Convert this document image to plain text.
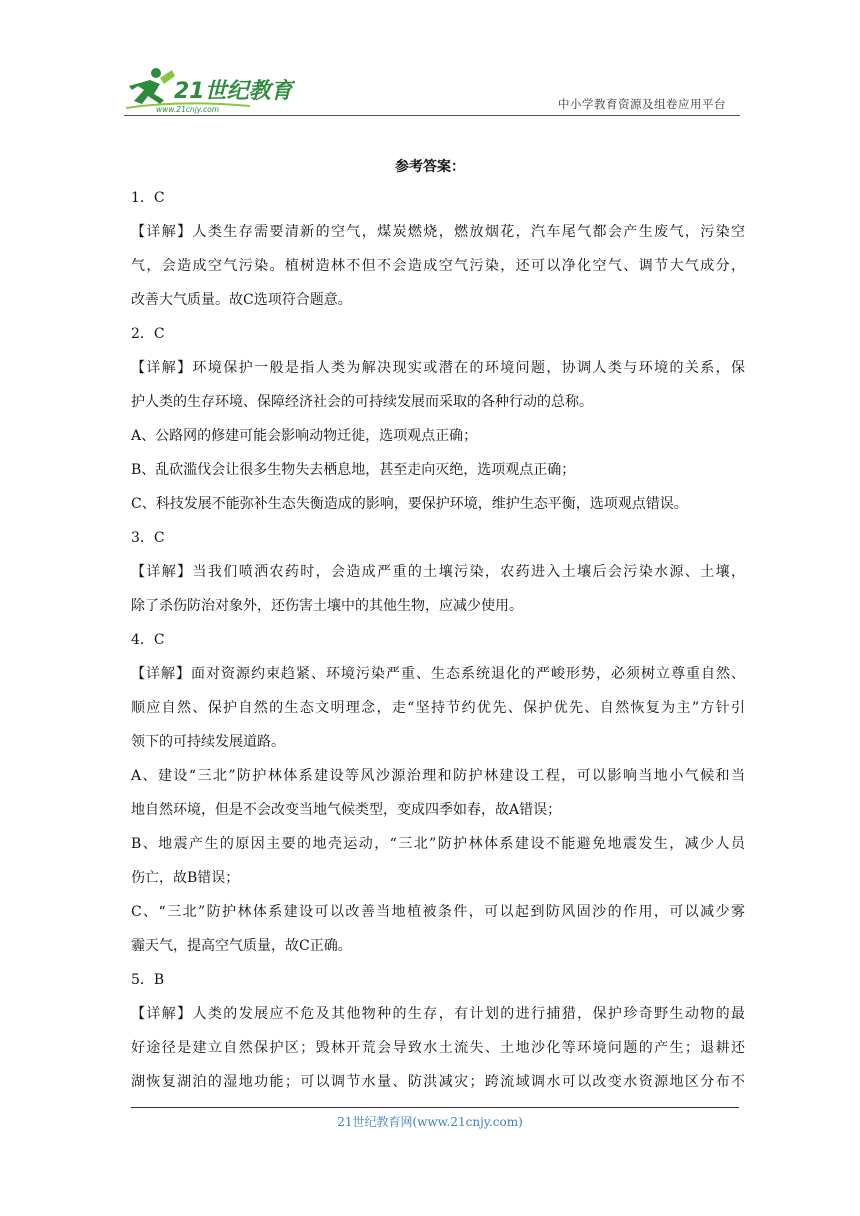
21世纪教育
www.21cnjy.com	中小学教育资源及组卷应用平台
参考答案：
1．C
【详解】人类生存需要清新的空气，煤炭燃烧，燃放烟花，汽车尾气都会产生废气，污染空
气，会造成空气污染。植树造林不但不会造成空气污染，还可以净化空气、调节大气成分，
改善大气质量。故C选项符合题意。
2．C
【详解】环境保护一般是指人类为解决现实或潜在的环境问题，协调人类与环境的关系，保
护人类的生存环境、保障经济社会的可持续发展而采取的各种行动的总称。
A、公路网的修建可能会影响动物迁徙，选项观点正确；
B、乱砍滥伐会让很多生物失去栖息地，甚至走向灭绝，选项观点正确；
C、科技发展不能弥补生态失衡造成的影响，要保护环境，维护生态平衡，选项观点错误。
3．C
【详解】当我们喷洒农药时，会造成严重的土壤污染，农药进入土壤后会污染水源、土壤，
除了杀伤防治对象外，还伤害土壤中的其他生物，应减少使用。
4．C
【详解】面对资源约束趋紧、环境污染严重、生态系统退化的严峻形势，必须树立尊重自然、
顺应自然、保护自然的生态文明理念，走“坚持节约优先、保护优先、自然恢复为主”方针引
领下的可持续发展道路。
A、建设“三北”防护林体系建设等风沙源治理和防护林建设工程，可以影响当地小气候和当
地自然环境，但是不会改变当地气候类型，变成四季如春，故A错误；
B、地震产生的原因主要的地壳运动，“三北”防护林体系建设不能避免地震发生，减少人员
伤亡，故B错误；
C、“三北”防护林体系建设可以改善当地植被条件，可以起到防风固沙的作用，可以减少雾
霾天气，提高空气质量，故C正确。
5．B
【详解】人类的发展应不危及其他物种的生存，有计划的进行捕猎，保护珍奇野生动物的最
好途径是建立自然保护区；毁林开荒会导致水土流失、土地沙化等环境问题的产生；退耕还
湖恢复湖泊的湿地功能；可以调节水量、防洪减灾；跨流域调水可以改变水资源地区分布不
21世纪教育网(www.21cnjy.com)
